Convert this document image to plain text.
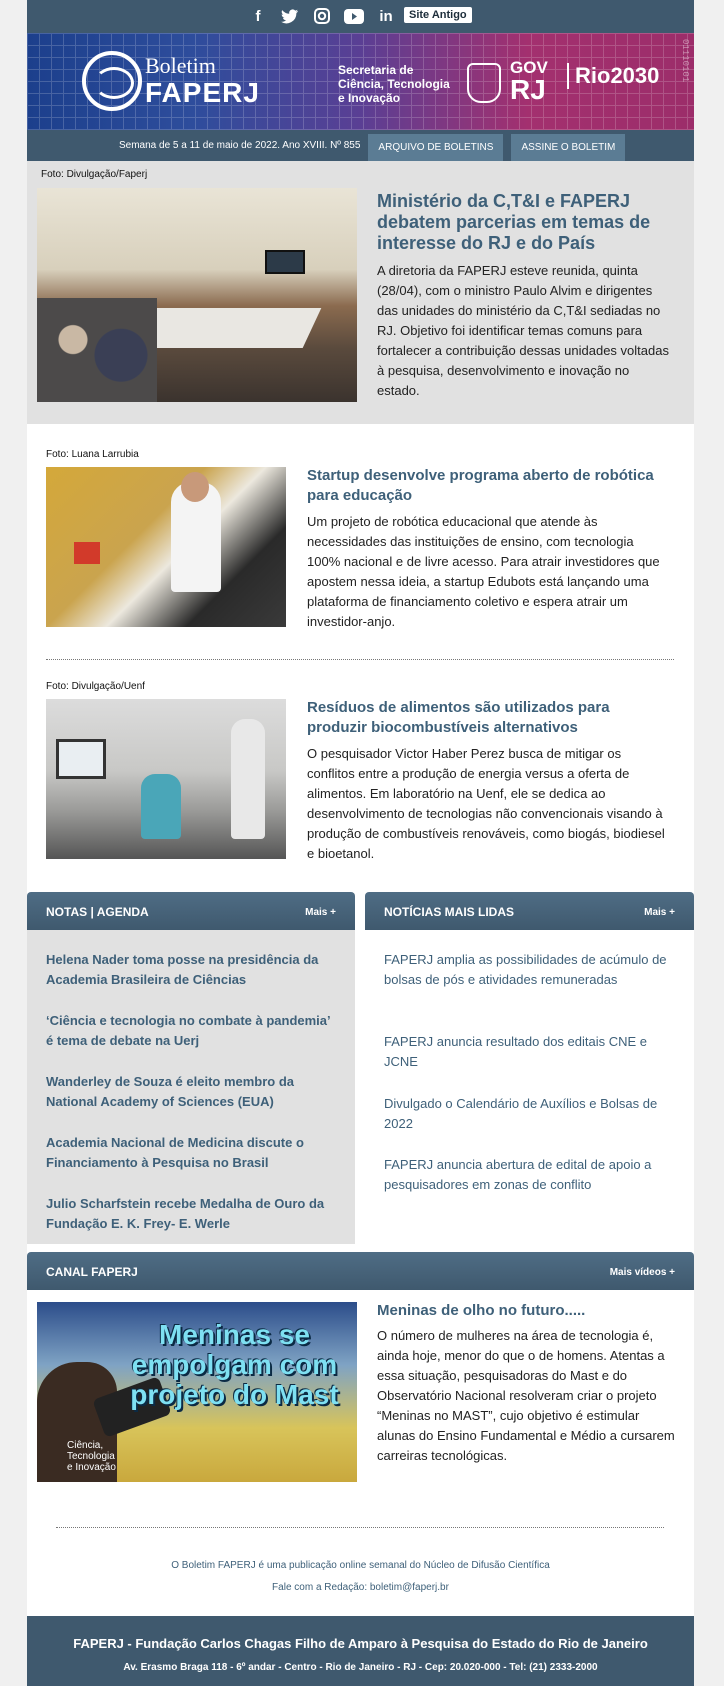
f	in	Site Antigo
Boletim
FAPERJ
Secretaria de
Ciência, Tecnologia
e Inovação
GOV
RJ	Rio2030 01110101
Semana de 5 a 11 de maio de 2022. Ano XVIII. Nº 855	ARQUIVO DE BOLETINS	ASSINE O BOLETIM
Foto: Divulgação/Faperj
Ministério da C,T&I e FAPERJ debatem parcerias em temas de interesse do RJ e do País

A diretoria da FAPERJ esteve reunida, quinta (28/04), com o ministro Paulo Alvim e dirigentes das unidades do ministério da C,T&I sediadas no RJ. Objetivo foi identificar temas comuns para fortalecer a contribuição dessas unidades voltadas à pesquisa, desenvolvimento e inovação no estado.

Foto: Luana Larrubia
Startup desenvolve programa aberto de robótica para educação

Um projeto de robótica educacional que atende às necessidades das instituições de ensino, com tecnologia 100% nacional e de livre acesso. Para atrair investidores que apostem nessa ideia, a startup Edubots está lançando uma plataforma de financiamento coletivo e espera atrair um investidor-anjo.

Foto: Divulgação/Uenf
Resíduos de alimentos são utilizados para produzir biocombustíveis alternativos

O pesquisador Victor Haber Perez busca de mitigar os conflitos entre a produção de energia versus a oferta de alimentos. Em laboratório na Uenf, ele se dedica ao desenvolvimento de tecnologias não convencionais visando à produção de combustíveis renováveis, como biogás, biodiesel e bioetanol.

NOTAS | AGENDA	Mais +
Helena Nader toma posse na presidência da Academia Brasileira de Ciências
‘Ciência e tecnologia no combate à pandemia’ é tema de debate na Uerj
Wanderley de Souza é eleito membro da National Academy of Sciences (EUA)
Academia Nacional de Medicina discute o Financiamento à Pesquisa no Brasil
Julio Scharfstein recebe Medalha de Ouro da Fundação E. K. Frey- E. Werle
NOTÍCIAS MAIS LIDAS	Mais +
FAPERJ amplia as possibilidades de acúmulo de bolsas de pós e atividades remuneradas
FAPERJ anuncia resultado dos editais CNE e JCNE
Divulgado o Calendário de Auxílios e Bolsas de 2022
FAPERJ anuncia abertura de edital de apoio a pesquisadores em zonas de conflito
CANAL FAPERJ	Mais vídeos +
Meninas se empolgam com projeto do Mast
Ciência,
Tecnologia
e Inovação
Meninas de olho no futuro.....

O número de mulheres na área de tecnologia é, ainda hoje, menor do que o de homens. Atentas a essa situação, pesquisadoras do Mast e do Observatório Nacional resolveram criar o projeto “Meninas no MAST”, cujo objetivo é estimular alunas do Ensino Fundamental e Médio a cursarem carreiras tecnológicas.

O Boletim FAPERJ é uma publicação online semanal do Núcleo de Difusão Científica
Fale com a Redação: boletim@faperj.br
FAPERJ - Fundação Carlos Chagas Filho de Amparo à Pesquisa do Estado do Rio de Janeiro
Av. Erasmo Braga 118 - 6º andar - Centro - Rio de Janeiro - RJ - Cep: 20.020-000 - Tel: (21) 2333-2000
